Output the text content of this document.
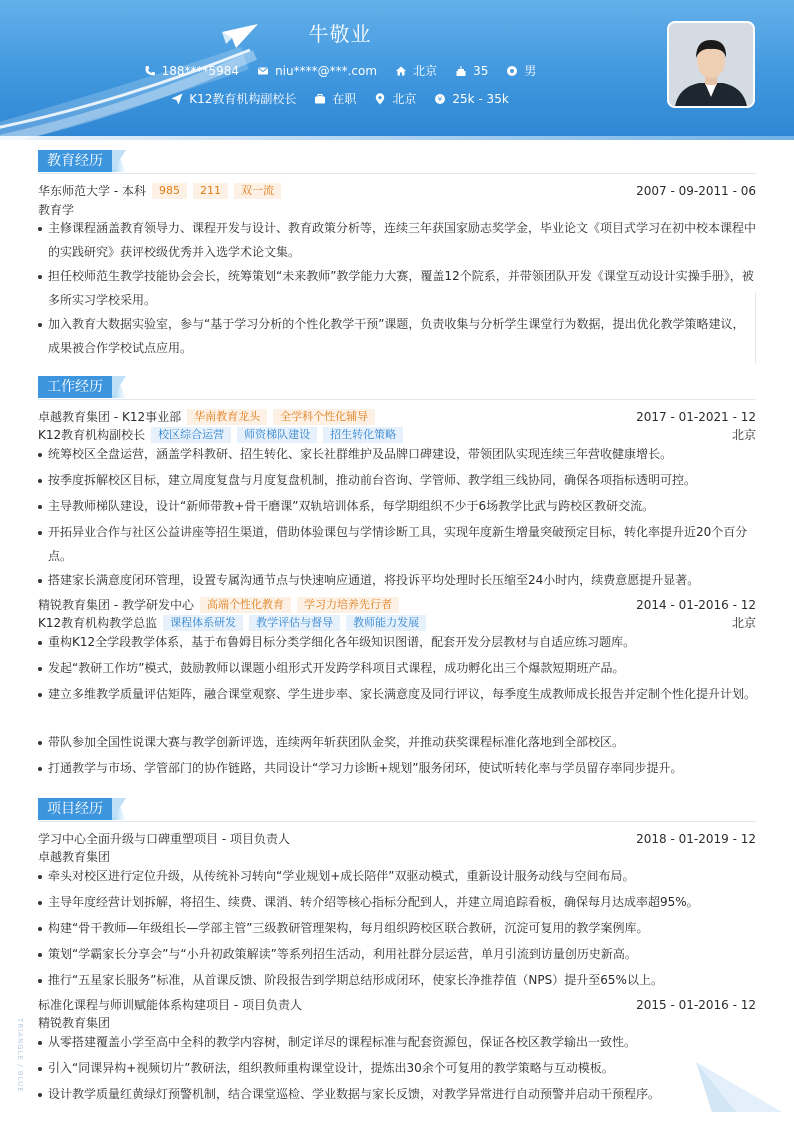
牛敬业
188****5984	niu****@***.com	北京	35	男
K12教育机构副校长	在职	北京	¥ 25k - 35k
教育经历
华东师范大学 - 本科	985	211	双一流	2007 - 09-2011 - 06
教育学
主修课程涵盖教育领导力、课程开发与设计、教育政策分析等，连续三年获国家励志奖学金，毕业论文《项目式学习在初中校本课程中的实践研究》获评校级优秀并入选学术论文集。
担任校师范生教学技能协会会长，统筹策划“未来教师”教学能力大赛，覆盖12个院系，并带领团队开发《课堂互动设计实操手册》，被多所实习学校采用。
加入教育大数据实验室，参与“基于学习分析的个性化教学干预”课题，负责收集与分析学生课堂行为数据，提出优化教学策略建议，成果被合作学校试点应用。
工作经历
卓越教育集团 - K12事业部	华南教育龙头	全学科个性化辅导	2017 - 01-2021 - 12
K12教育机构副校长	校区综合运营	师资梯队建设	招生转化策略	北京
统筹校区全盘运营，涵盖学科教研、招生转化、家长社群维护及品牌口碑建设，带领团队实现连续三年营收健康增长。
按季度拆解校区目标，建立周度复盘与月度复盘机制，推动前台咨询、学管师、教学组三线协同，确保各项指标透明可控。
主导教师梯队建设，设计“新师带教+骨干磨课”双轨培训体系，每学期组织不少于6场教学比武与跨校区教研交流。
开拓异业合作与社区公益讲座等招生渠道，借助体验课包与学情诊断工具，实现年度新生增量突破预定目标，转化率提升近20个百分点。
搭建家长满意度闭环管理，设置专属沟通节点与快速响应通道，将投诉平均处理时长压缩至24小时内，续费意愿提升显著。
精锐教育集团 - 教学研发中心	高端个性化教育	学习力培养先行者	2014 - 01-2016 - 12
K12教育机构教学总监	课程体系研发	教学评估与督导	教师能力发展	北京
重构K12全学段教学体系，基于布鲁姆目标分类学细化各年级知识图谱，配套开发分层教材与自适应练习题库。
发起“教研工作坊”模式，鼓励教师以课题小组形式开发跨学科项目式课程，成功孵化出三个爆款短期班产品。
建立多维教学质量评估矩阵，融合课堂观察、学生进步率、家长满意度及同行评议，每季度生成教师成长报告并定制个性化提升计划。
带队参加全国性说课大赛与教学创新评选，连续两年斩获团队金奖，并推动获奖课程标准化落地到全部校区。
打通教学与市场、学管部门的协作链路，共同设计“学习力诊断+规划”服务闭环，使试听转化率与学员留存率同步提升。
项目经历
学习中心全面升级与口碑重塑项目 - 项目负责人	2018 - 01-2019 - 12
卓越教育集团
牵头对校区进行定位升级，从传统补习转向“学业规划+成长陪伴”双驱动模式，重新设计服务动线与空间布局。
主导年度经营计划拆解，将招生、续费、课消、转介绍等核心指标分配到人，并建立周追踪看板，确保每月达成率超95%。
构建“骨干教师—年级组长—学部主管”三级教研管理架构，每月组织跨校区联合教研，沉淀可复用的教学案例库。
策划“学霸家长分享会”与“小升初政策解读”等系列招生活动，利用社群分层运营，单月引流到访量创历史新高。
推行“五星家长服务”标准，从首课反馈、阶段报告到学期总结形成闭环，使家长净推荐值（NPS）提升至65%以上。
标准化课程与师训赋能体系构建项目 - 项目负责人	2015 - 01-2016 - 12
精锐教育集团
从零搭建覆盖小学至高中全科的教学内容树，制定详尽的课程标准与配套资源包，保证各校区教学输出一致性。
引入“同课异构+视频切片”教研法，组织教师重构课堂设计，提炼出30余个可复用的教学策略与互动模板。
设计教学质量红黄绿灯预警机制，结合课堂巡检、学业数据与家长反馈，对教学异常进行自动预警并启动干预程序。
TRIANGLE / BLUE
